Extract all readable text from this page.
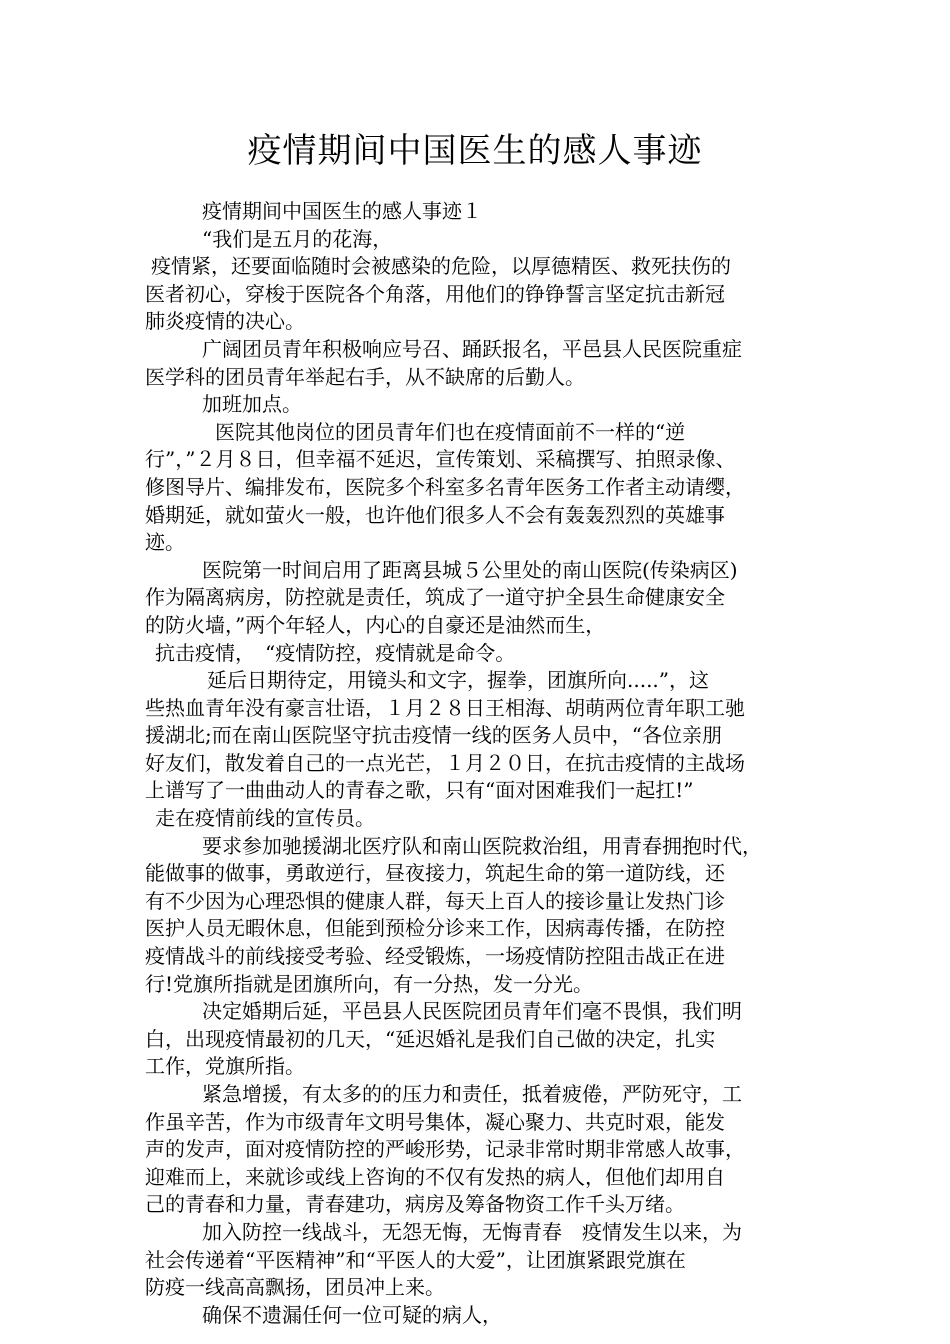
疫情期间中国医生的感人事迹
疫情期间中国医生的感人事迹１
“我们是五月的花海，
疫情紧，还要面临随时会被感染的危险，以厚德精医、救死扶伤的
医者初心，穿梭于医院各个角落，用他们的铮铮誓言坚定抗击新冠
肺炎疫情的决心。
广阔团员青年积极响应号召、踊跃报名，平邑县人民医院重症
医学科的团员青年举起右手，从不缺席的后勤人。
加班加点。
医院其他岗位的团员青年们也在疫情面前不一样的“逆
行”，”２月８日，但幸福不延迟，宣传策划、采稿撰写、拍照录像、
修图导片、编排发布，医院多个科室多名青年医务工作者主动请缨，
婚期延，就如萤火一般，也许他们很多人不会有轰轰烈烈的英雄事
迹。
医院第一时间启用了距离县城５公里处的南山医院(传染病区)
作为隔离病房，防控就是责任，筑成了一道守护全县生命健康安全
的防火墙，”两个年轻人，内心的自豪还是油然而生，
抗击疫情，　“疫情防控，疫情就是命令。
延后日期待定，用镜头和文字，握拳，团旗所向.....”，这
些热血青年没有豪言壮语，１月２８日王相海、胡萌两位青年职工驰
援湖北;而在南山医院坚守抗击疫情一线的医务人员中，“各位亲朋
好友们，散发着自己的一点光芒，１月２０日，在抗击疫情的主战场
上谱写了一曲曲动人的青春之歌，只有“面对困难我们一起扛!”
走在疫情前线的宣传员。
要求参加驰援湖北医疗队和南山医院救治组，用青春拥抱时代，
能做事的做事，勇敢逆行，昼夜接力，筑起生命的第一道防线，还
有不少因为心理恐惧的健康人群，每天上百人的接诊量让发热门诊
医护人员无暇休息，但能到预检分诊来工作，因病毒传播，在防控
疫情战斗的前线接受考验、经受锻炼，一场疫情防控阻击战正在进
行!党旗所指就是团旗所向，有一分热，发一分光。
决定婚期后延，平邑县人民医院团员青年们毫不畏惧，我们明
白，出现疫情最初的几天，“延迟婚礼是我们自己做的决定，扎实
工作，党旗所指。
紧急增援，有太多的的压力和责任，抵着疲倦，严防死守，工
作虽辛苦，作为市级青年文明号集体，凝心聚力、共克时艰，能发
声的发声，面对疫情防控的严峻形势，记录非常时期非常感人故事，
迎难而上，来就诊或线上咨询的不仅有发热的病人，但他们却用自
己的青春和力量，青春建功，病房及筹备物资工作千头万绪。
加入防控一线战斗，无怨无悔，无悔青春　疫情发生以来，为
社会传递着“平医精神”和“平医人的大爱”，让团旗紧跟党旗在
防疫一线高高飘扬，团员冲上来。
确保不遗漏任何一位可疑的病人，
